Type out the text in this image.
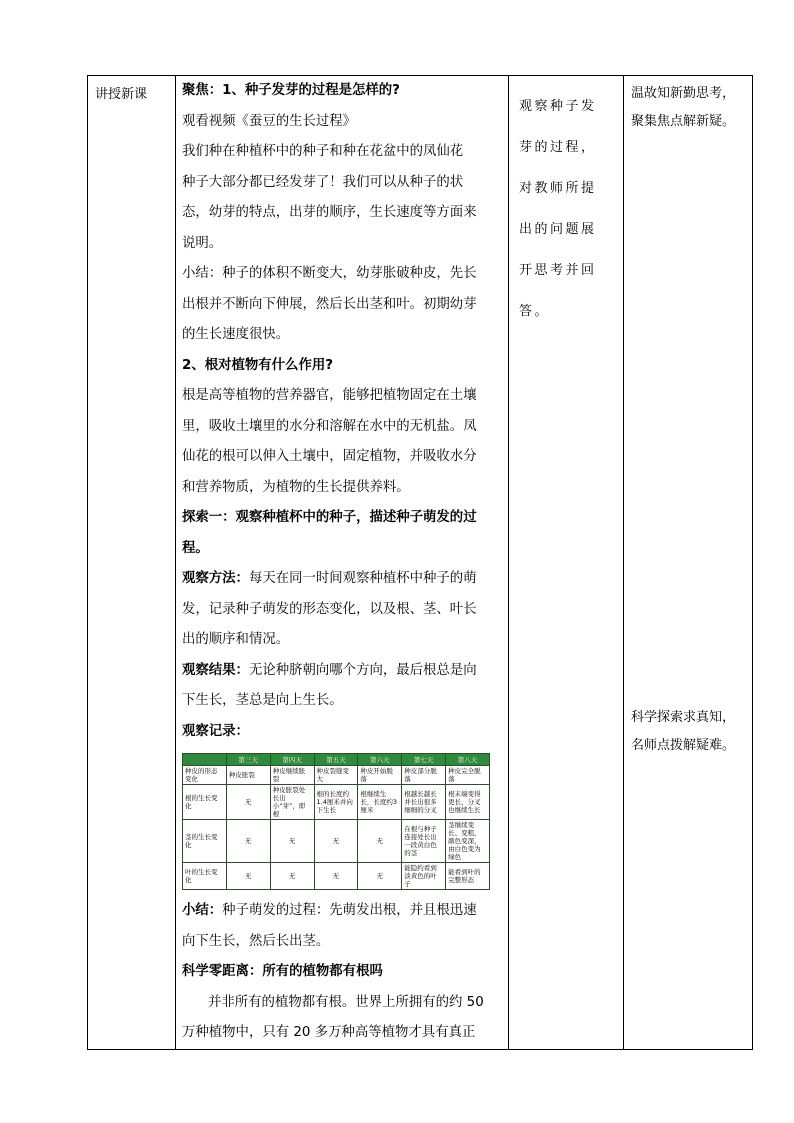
讲授新课	聚焦：1、种子发芽的过程是怎样的?
观看视频《蚕豆的生长过程》
我们种在种植杯中的种子和种在花盆中的凤仙花
种子大部分都已经发芽了！我们可以从种子的状
态，幼芽的特点，出芽的顺序，生长速度等方面来
说明。
小结：种子的体积不断变大，幼芽胀破种皮，先长
出根并不断向下伸展，然后长出茎和叶。初期幼芽
的生长速度很快。
2、根对植物有什么作用?
根是高等植物的营养器官，能够把植物固定在土壤
里，吸收土壤里的水分和溶解在水中的无机盐。凤
仙花的根可以伸入土壤中，固定植物，并吸收水分
和营养物质，为植物的生长提供养料。
探索一：观察种植杯中的种子，描述种子萌发的过
程。
观察方法：每天在同一时间观察种植杯中种子的萌
发，记录种子萌发的形态变化，以及根、茎、叶长
出的顺序和情况。
观察结果：无论种脐朝向哪个方向，最后根总是向
下生长，茎总是向上生长。
观察记录：
	第三天	第四天	第五天	第六天	第七天	第八天
种皮的形态变化	种皮胀裂	种皮继续胀裂	种皮裂缝变大	种皮开始脱落	种皮部分脱落	种皮完全脱落
根的生长变化	无	种皮胀裂处长出小“芽”，即根	根的长度约1.4厘米并向下生长	根继续生长，长度约3厘米	根越长越长并长出很多细细的分叉	根末端变得更长，分叉也继续生长
茎的生长变化	无	无	无	无	在根与种子连接处长出一段黄白色的茎	茎继续变长、变粗，颜色变深，由白色变为绿色
叶的生长变化	无	无	无	无	能隐约看到淡黄色的叶子	能看到叶的完整形态
小结：种子萌发的过程：先萌发出根，并且根迅速
向下生长，然后长出茎。
科学零距离：所有的植物都有根吗
并非所有的植物都有根。世界上所拥有的约 50
万种植物中，只有 20 多万种高等植物才具有真正

观察种子发
芽的过程，
对教师所提
出的问题展
开思考并回
答。

温故知新勤思考，
聚集焦点解新疑。
科学探索求真知，
名师点拨解疑难。
